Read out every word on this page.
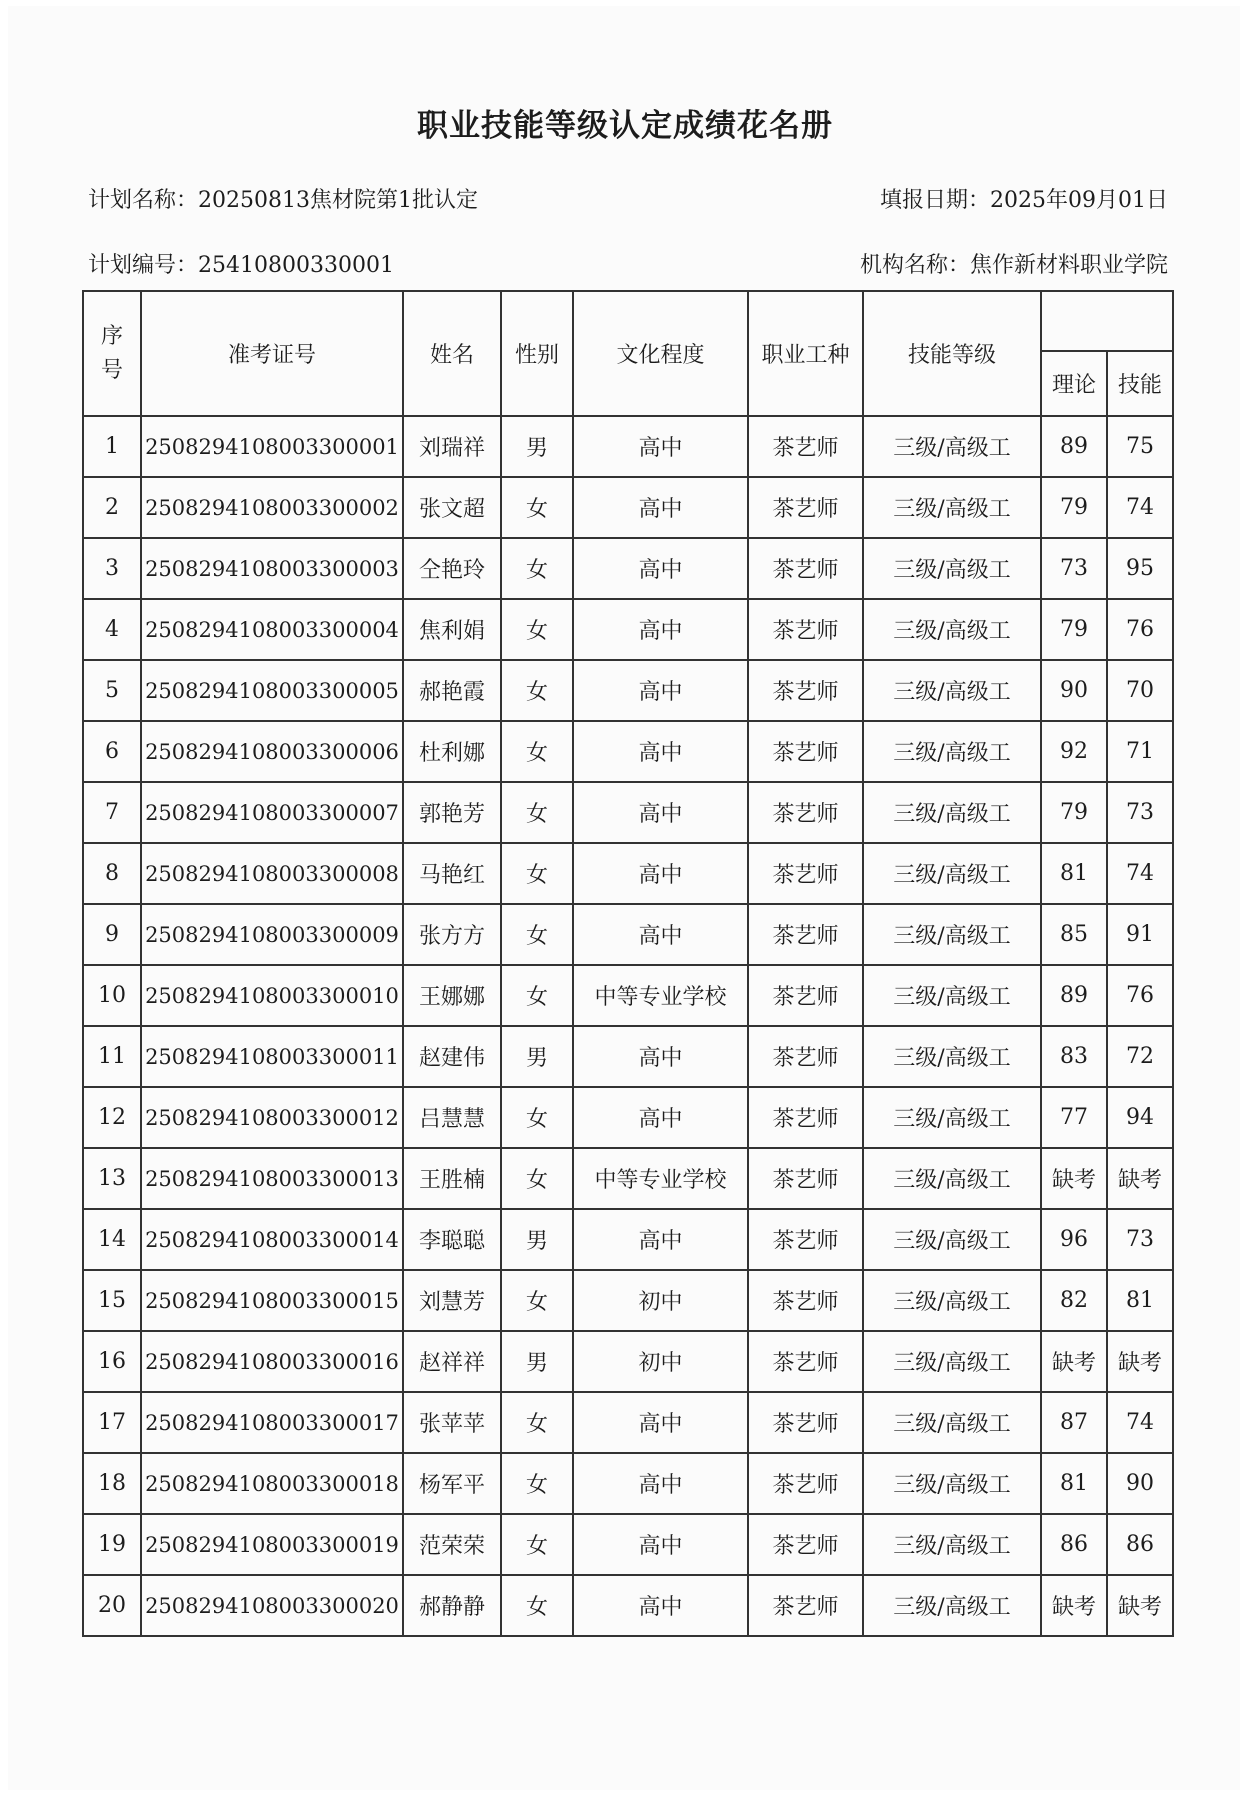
职业技能等级认定成绩花名册
计划名称：20250813焦材院第1批认定	填报日期：2025年09月01日
计划编号：25410800330001	机构名称：焦作新材料职业学院
序
号	准考证号	姓名	性别	文化程度	职业工种	技能等级		
							理论	技能
1	2508294108003300001	刘瑞祥	男	高中	茶艺师	三级/高级工	89	75
2	2508294108003300002	张文超	女	高中	茶艺师	三级/高级工	79	74
3	2508294108003300003	仝艳玲	女	高中	茶艺师	三级/高级工	73	95
4	2508294108003300004	焦利娟	女	高中	茶艺师	三级/高级工	79	76
5	2508294108003300005	郝艳霞	女	高中	茶艺师	三级/高级工	90	70
6	2508294108003300006	杜利娜	女	高中	茶艺师	三级/高级工	92	71
7	2508294108003300007	郭艳芳	女	高中	茶艺师	三级/高级工	79	73
8	2508294108003300008	马艳红	女	高中	茶艺师	三级/高级工	81	74
9	2508294108003300009	张方方	女	高中	茶艺师	三级/高级工	85	91
10	2508294108003300010	王娜娜	女	中等专业学校	茶艺师	三级/高级工	89	76
11	2508294108003300011	赵建伟	男	高中	茶艺师	三级/高级工	83	72
12	2508294108003300012	吕慧慧	女	高中	茶艺师	三级/高级工	77	94
13	2508294108003300013	王胜楠	女	中等专业学校	茶艺师	三级/高级工	缺考	缺考
14	2508294108003300014	李聪聪	男	高中	茶艺师	三级/高级工	96	73
15	2508294108003300015	刘慧芳	女	初中	茶艺师	三级/高级工	82	81
16	2508294108003300016	赵祥祥	男	初中	茶艺师	三级/高级工	缺考	缺考
17	2508294108003300017	张苹苹	女	高中	茶艺师	三级/高级工	87	74
18	2508294108003300018	杨军平	女	高中	茶艺师	三级/高级工	81	90
19	2508294108003300019	范荣荣	女	高中	茶艺师	三级/高级工	86	86
20	2508294108003300020	郝静静	女	高中	茶艺师	三级/高级工	缺考	缺考
